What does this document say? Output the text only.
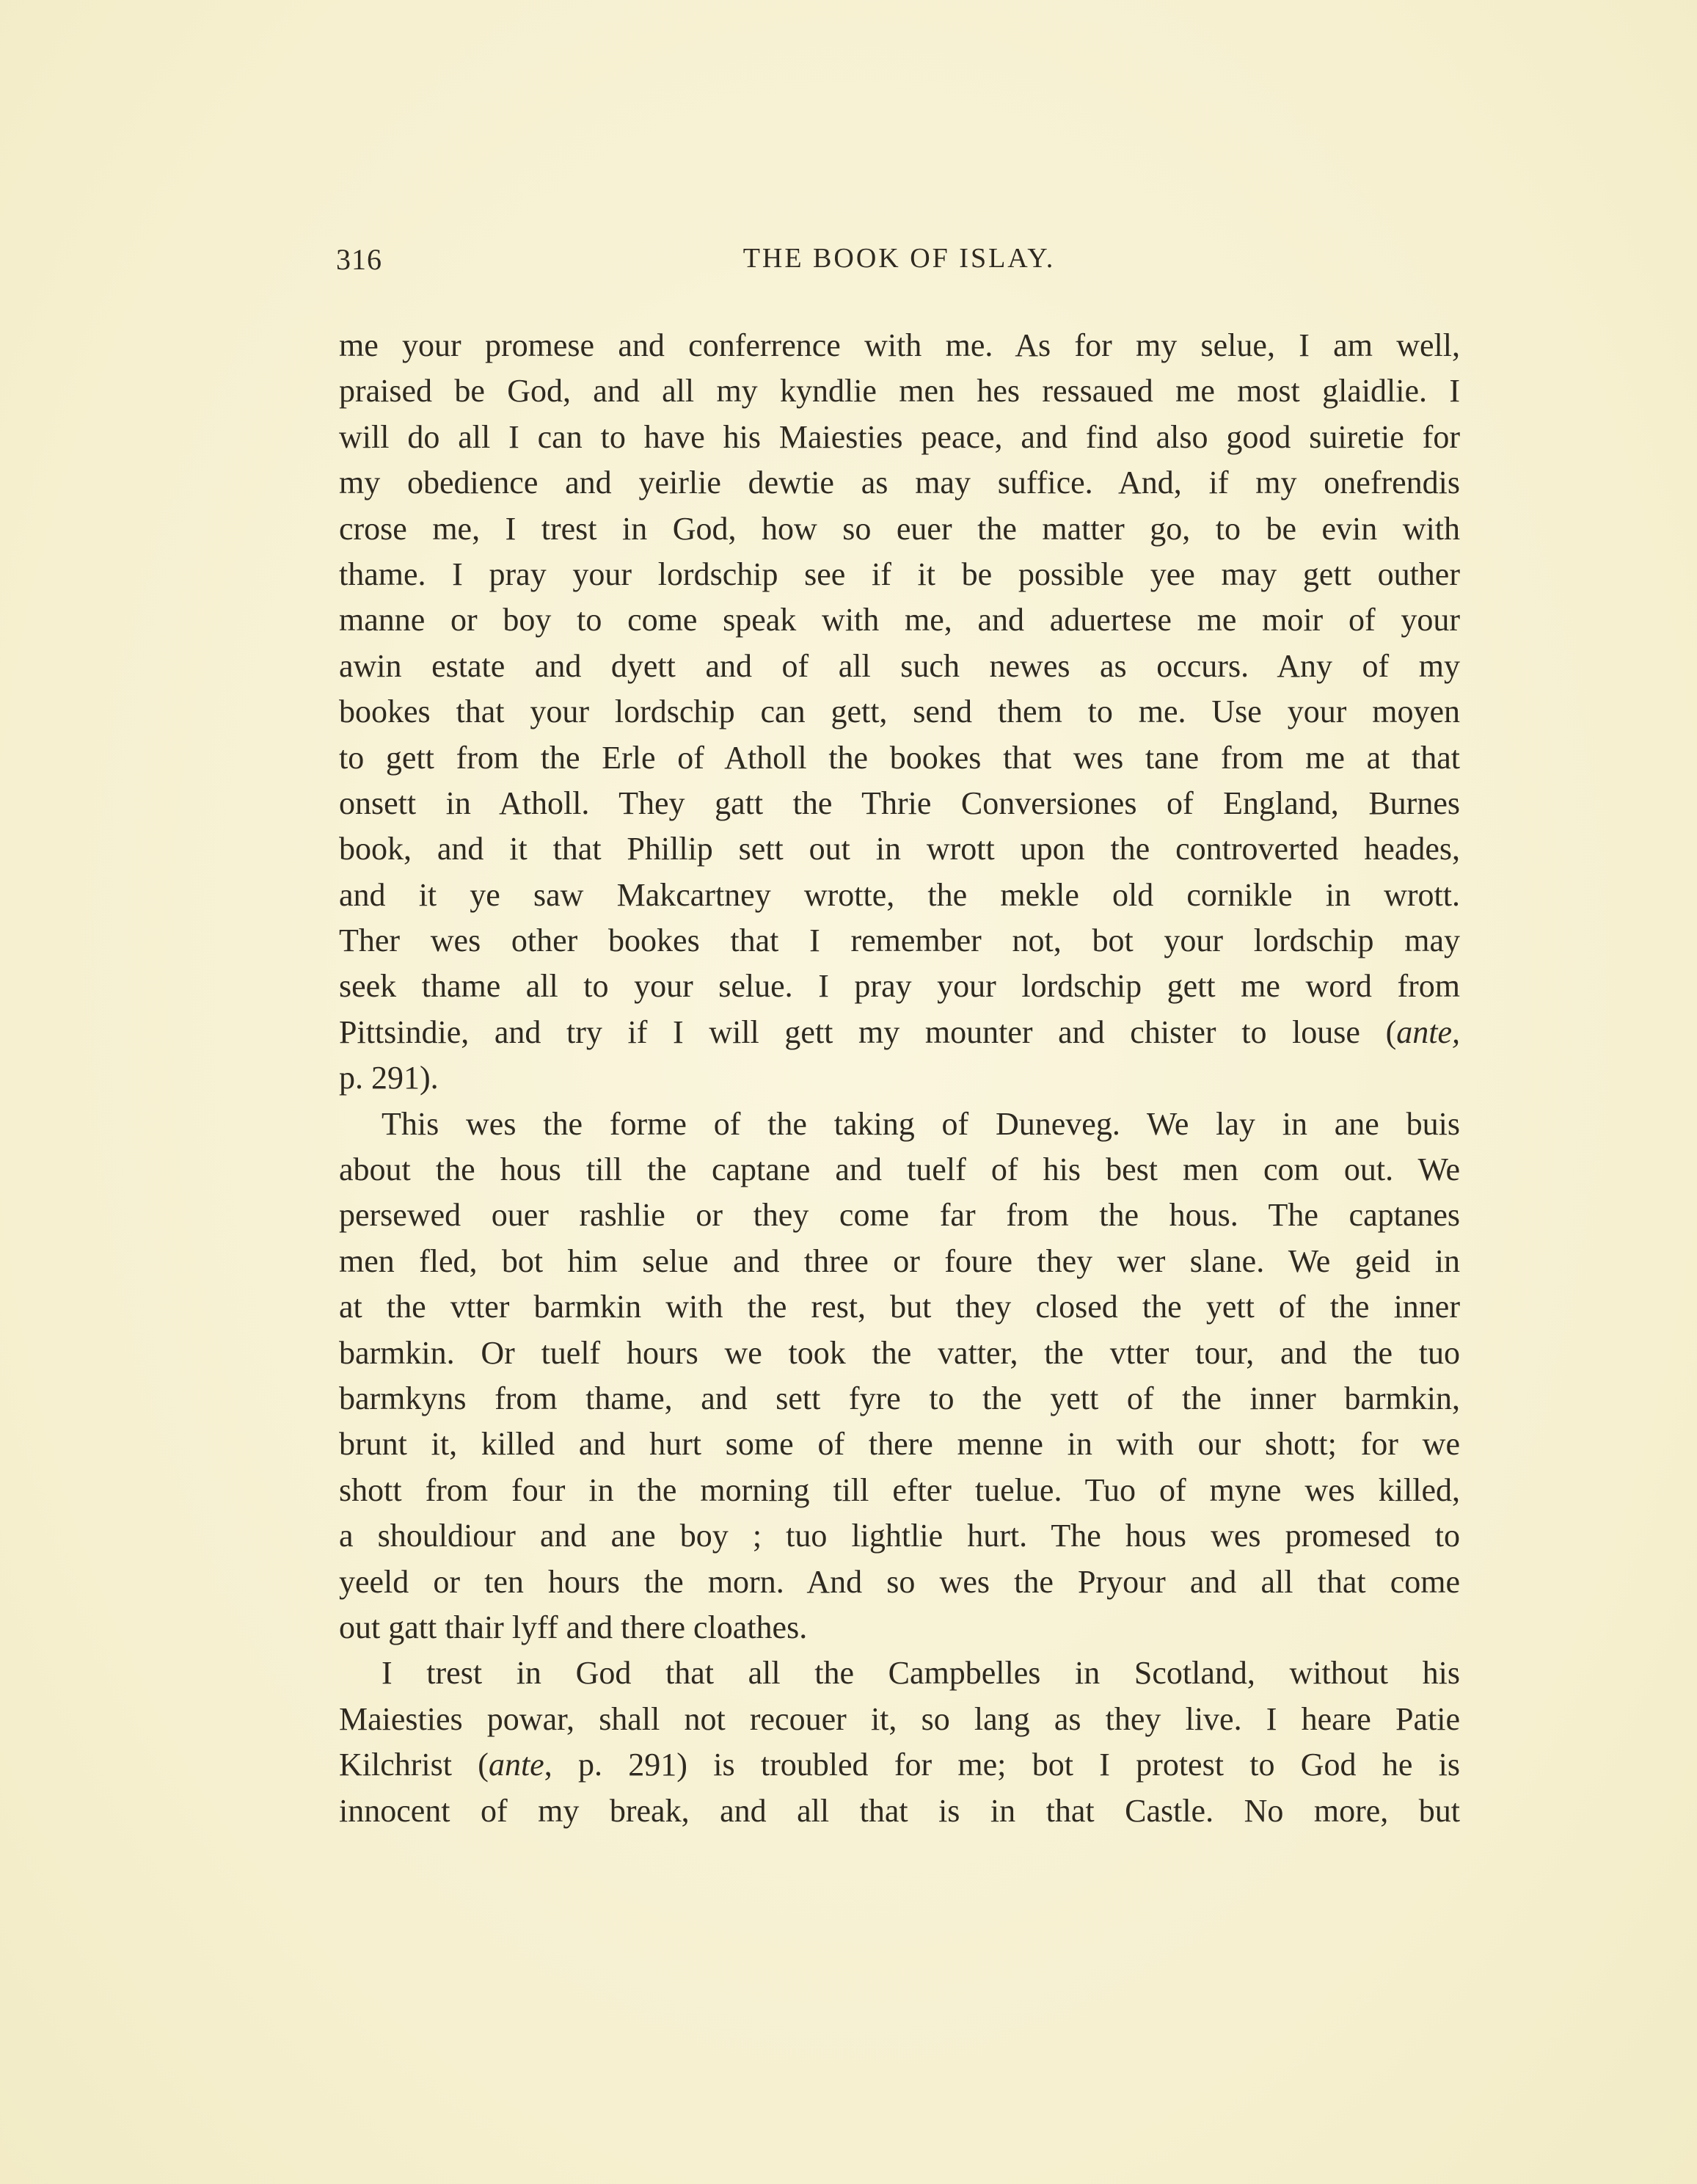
316	THE BOOK OF ISLAY.
me your promese and conferrence with me. As for my selue, I am well,
praised be God, and all my kyndlie men hes ressaued me most glaidlie. I
will do all I can to have his Maiesties peace, and find also good suiretie for
my obedience and yeirlie dewtie as may suffice. And, if my onefrendis
crose me, I trest in God, how so euer the matter go, to be evin with
thame. I pray your lordschip see if it be possible yee may gett outher
manne or boy to come speak with me, and aduertese me moir of your
awin estate and dyett and of all such newes as occurs. Any of my
bookes that your lordschip can gett, send them to me. Use your moyen
to gett from the Erle of Atholl the bookes that wes tane from me at that
onsett in Atholl. They gatt the Thrie Conversiones of England, Burnes
book, and it that Phillip sett out in wrott upon the controverted heades,
and it ye saw Makcartney wrotte, the mekle old cornikle in wrott.
Ther wes other bookes that I remember not, bot your lordschip may
seek thame all to your selue. I pray your lordschip gett me word from
Pittsindie, and try if I will gett my mounter and chister to louse (ante,
p. 291).
This wes the forme of the taking of Duneveg. We lay in ane buis
about the hous till the captane and tuelf of his best men com out. We
persewed ouer rashlie or they come far from the hous. The captanes
men fled, bot him selue and three or foure they wer slane. We geid in
at the vtter barmkin with the rest, but they closed the yett of the inner
barmkin. Or tuelf hours we took the vatter, the vtter tour, and the tuo
barmkyns from thame, and sett fyre to the yett of the inner barmkin,
brunt it, killed and hurt some of there menne in with our shott; for we
shott from four in the morning till efter tuelue. Tuo of myne wes killed,
a shouldiour and ane boy ; tuo lightlie hurt. The hous wes promesed to
yeeld or ten hours the morn. And so wes the Pryour and all that come
out gatt thair lyff and there cloathes.
I trest in God that all the Campbelles in Scotland, without his
Maiesties powar, shall not recouer it, so lang as they live. I heare Patie
Kilchrist (ante, p. 291) is troubled for me; bot I protest to God he is
innocent of my break, and all that is in that Castle. No more, but
